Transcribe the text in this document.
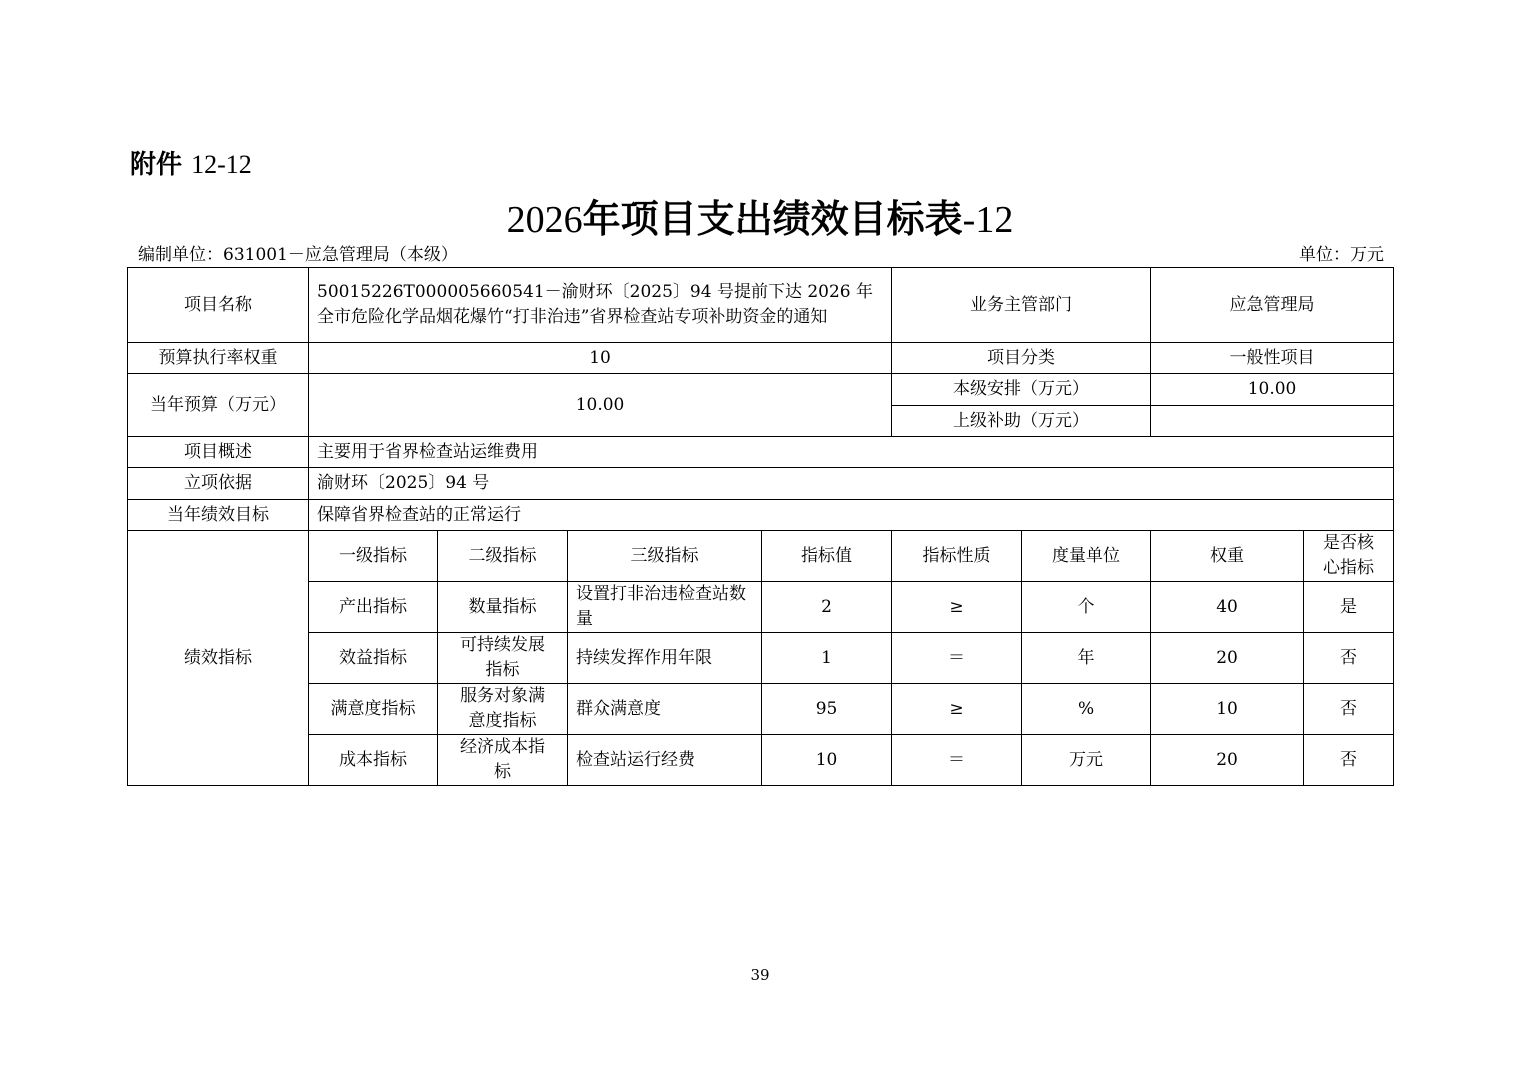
附件 12-12
2026年项目支出绩效目标表-12
编制单位：631001－应急管理局（本级）	单位：万元
项目名称	50015226T000005660541－渝财环〔2025〕94 号提前下达 2026 年全市危险化学品烟花爆竹“打非治违”省界检查站专项补助资金的通知				业务主管部门		应急管理局	
预算执行率权重	10				项目分类		一般性项目	
当年预算（万元）	10.00				本级安排（万元）		10.00	
					上级补助（万元）			
项目概述	主要用于省界检查站运维费用							
立项依据	渝财环〔2025〕94 号							
当年绩效目标	保障省界检查站的正常运行							
绩效指标	一级指标	二级指标	三级指标	指标值	指标性质	度量单位	权重	是否核心指标
	产出指标	数量指标	设置打非治违检查站数量	2	≥	个	40	是
	效益指标	可持续发展指标	持续发挥作用年限	1	＝	年	20	否
	满意度指标	服务对象满意度指标	群众满意度	95	≥	%	10	否
	成本指标	经济成本指标	检查站运行经费	10	＝	万元	20	否
39
